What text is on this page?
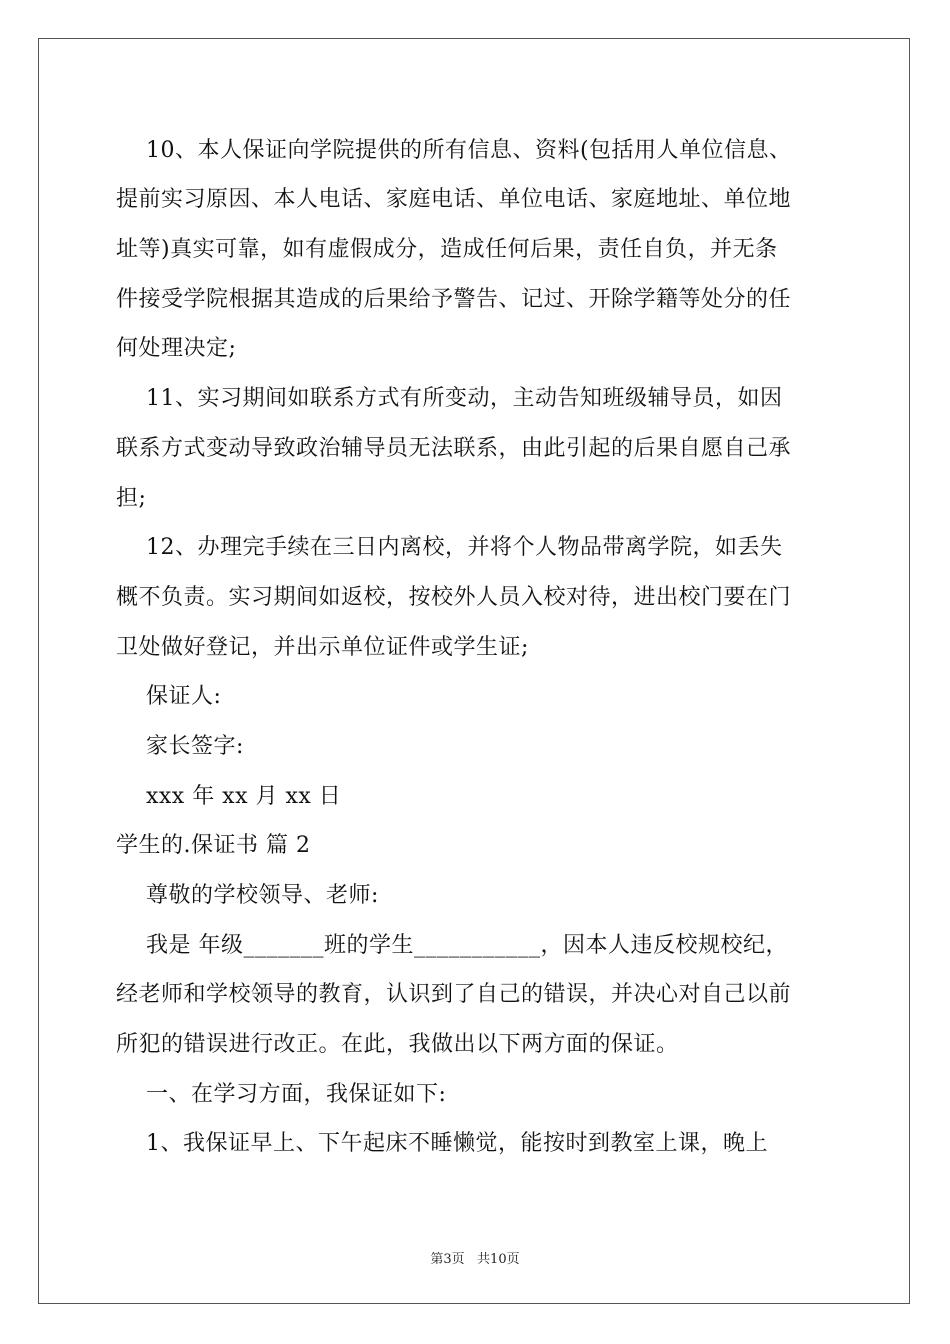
10、本人保证向学院提供的所有信息、资料(包括用人单位信息、

提前实习原因、本人电话、家庭电话、单位电话、家庭地址、单位地

址等)真实可靠，如有虚假成分，造成任何后果，责任自负，并无条

件接受学院根据其造成的后果给予警告、记过、开除学籍等处分的任

何处理决定;

11、实习期间如联系方式有所变动，主动告知班级辅导员，如因

联系方式变动导致政治辅导员无法联系，由此引起的后果自愿自己承

担;

12、办理完手续在三日内离校，并将个人物品带离学院，如丢失

概不负责。实习期间如返校，按校外人员入校对待，进出校门要在门

卫处做好登记，并出示单位证件或学生证;

保证人:

家长签字:

xxx 年 xx 月 xx 日

学生的.保证书 篇 2

尊敬的学校领导、老师:

我是 年级_______班的学生___________，因本人违反校规校纪，

经老师和学校领导的教育，认识到了自己的错误，并决心对自己以前

所犯的错误进行改正。在此，我做出以下两方面的保证。

一、在学习方面，我保证如下:

1、我保证早上、下午起床不睡懒觉，能按时到教室上课，晚上

第3页   共10页
